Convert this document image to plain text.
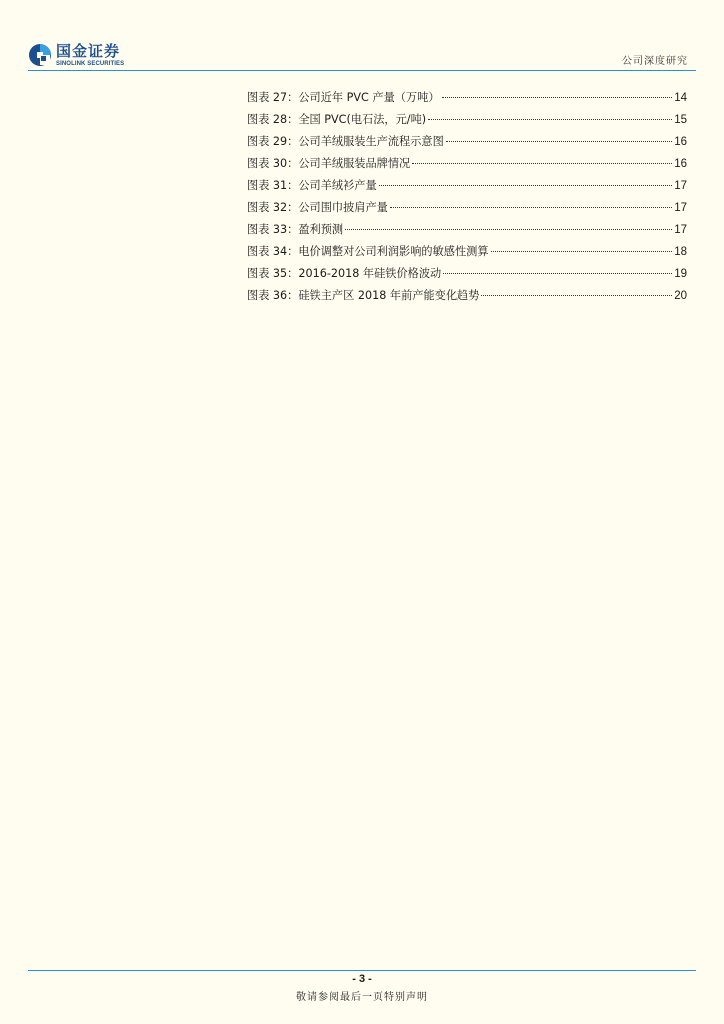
国金证券
SINOLINK SECURITIES	公司深度研究
图表 27：公司近年 PVC 产量（万吨）	14
图表 28：全国 PVC(电石法，元/吨)	15
图表 29：公司羊绒服装生产流程示意图	16
图表 30：公司羊绒服装品牌情况	16
图表 31：公司羊绒衫产量	17
图表 32：公司围巾披肩产量	17
图表 33：盈利预测	17
图表 34：电价调整对公司利润影响的敏感性测算	18
图表 35：2016-2018 年硅铁价格波动	19
图表 36：硅铁主产区 2018 年前产能变化趋势	20
- 3 -
敬请参阅最后一页特别声明
